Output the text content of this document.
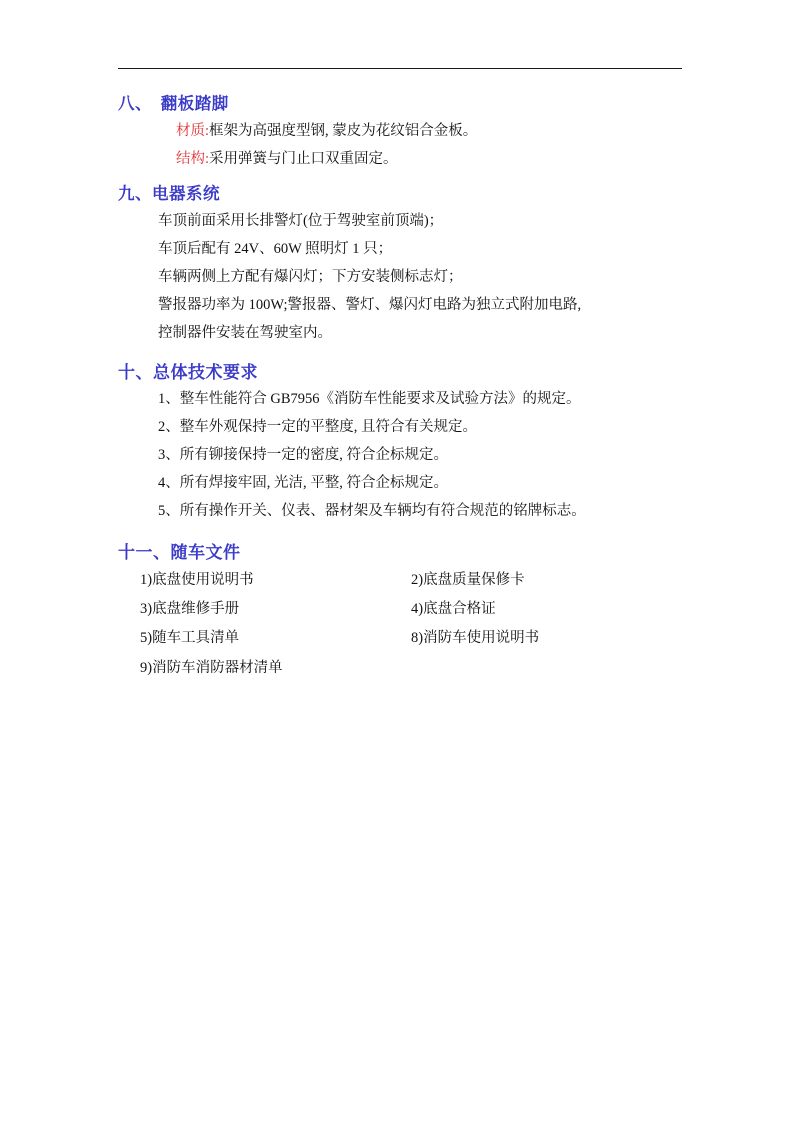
八、　翻板踏脚
材质:框架为高强度型钢, 蒙皮为花纹铝合金板。
结构:采用弹簧与门止口双重固定。
九、电器系统
车顶前面采用长排警灯(位于驾驶室前顶端)；
车顶后配有 24V、60W 照明灯 1 只；
车辆两侧上方配有爆闪灯；下方安装侧标志灯；
警报器功率为 100W;警报器、警灯、爆闪灯电路为独立式附加电路,
控制器件安装在驾驶室内。
十、总体技术要求
1、整车性能符合 GB7956《消防车性能要求及试验方法》的规定。
2、整车外观保持一定的平整度, 且符合有关规定。
3、所有铆接保持一定的密度, 符合企标规定。
4、所有焊接牢固, 光洁, 平整, 符合企标规定。
5、所有操作开关、仪表、器材架及车辆均有符合规范的铭牌标志。
十一、随车文件
1)底盘使用说明书	2)底盘质量保修卡
3)底盘维修手册	4)底盘合格证
5)随车工具清单	8)消防车使用说明书
9)消防车消防器材清单
